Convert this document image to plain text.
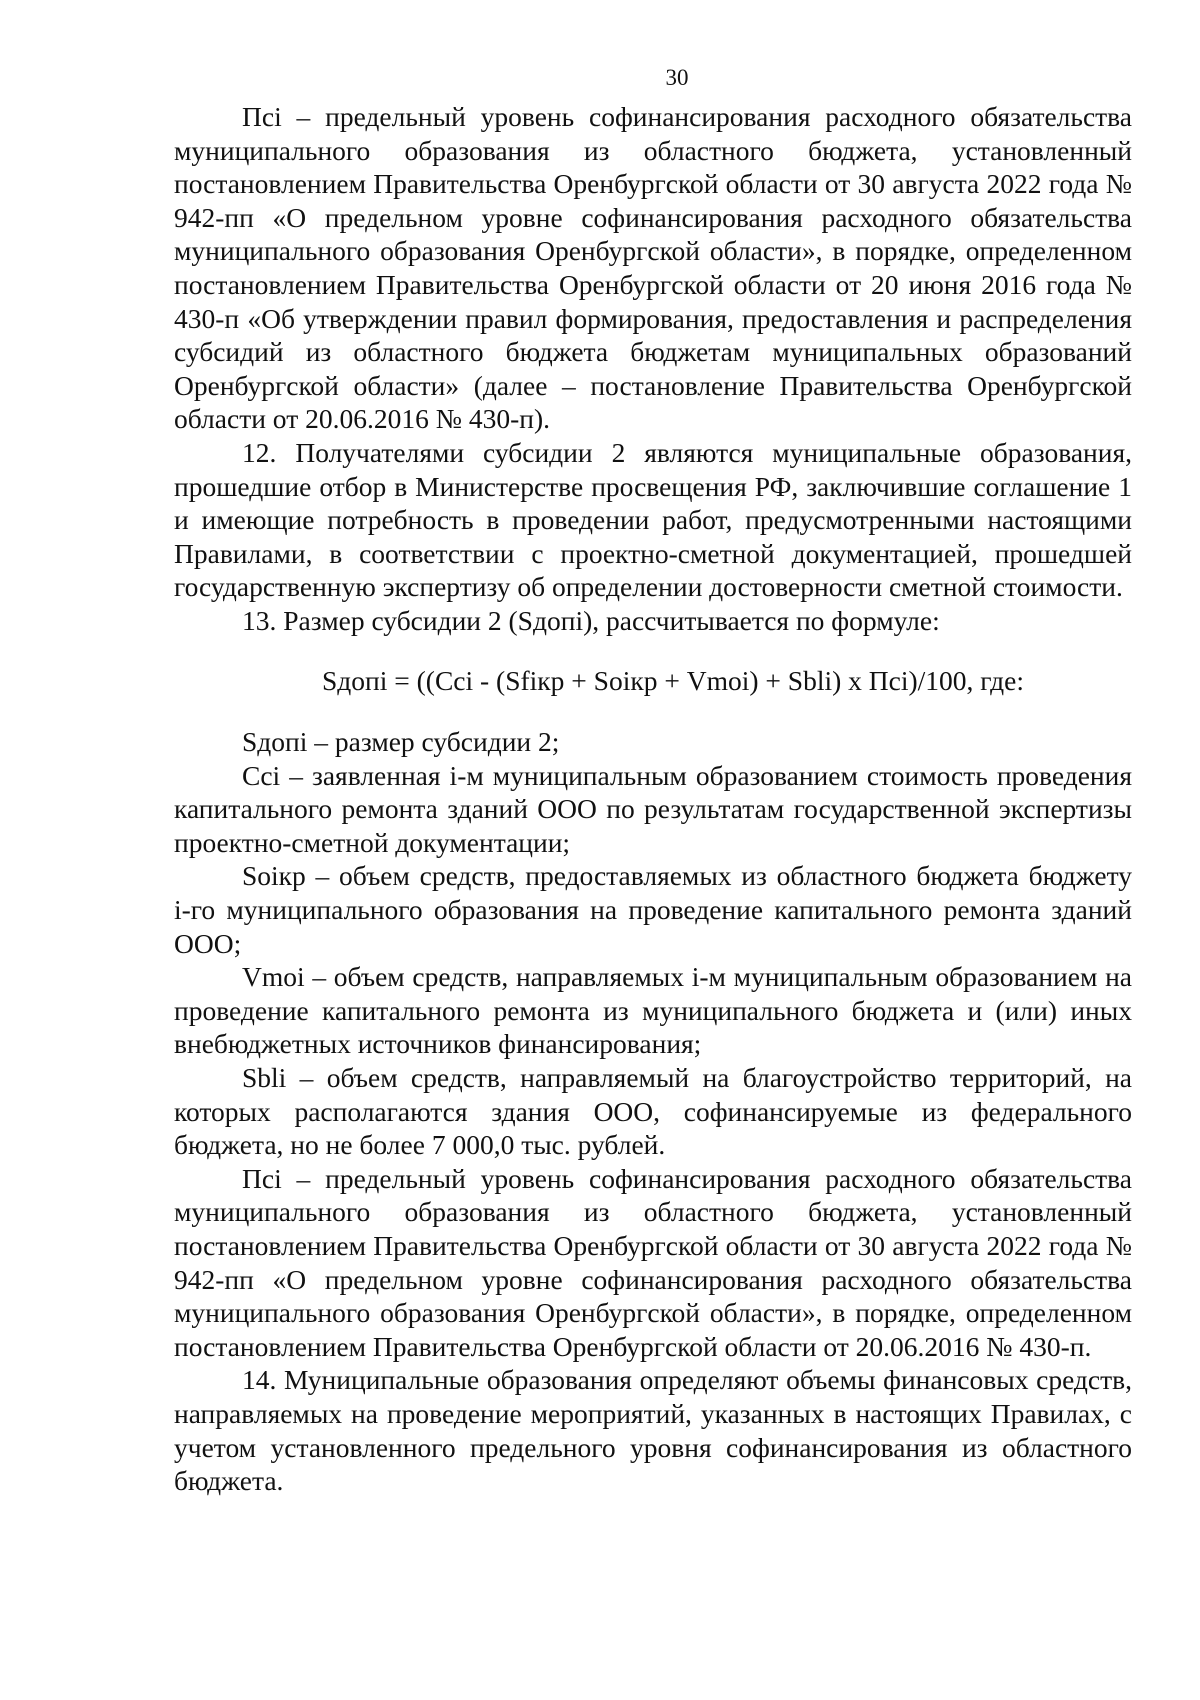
30

Пci – предельный уровень софинансирования расходного обязательства муниципального образования из областного бюджета, установленный постановлением Правительства Оренбургской области от 30 августа 2022 года № 942-пп «О предельном уровне софинансирования расходного обязательства муниципального образования Оренбургской области», в порядке, определенном постановлением Правительства Оренбургской области от 20 июня 2016 года № 430-п «Об утверждении правил формирования, предоставления и распределения субсидий из областного бюджета бюджетам муниципальных образований Оренбургской области» (далее – постановление Правительства Оренбургской области от 20.06.2016 № 430-п).

12. Получателями субсидии 2 являются муниципальные образования, прошедшие отбор в Министерстве просвещения РФ, заключившие соглашение 1 и имеющие потребность в проведении работ, предусмотренными настоящими Правилами, в соответствии с проектно-сметной документацией, прошедшей государственную экспертизу об определении достоверности сметной стоимости.

13. Размер субсидии 2 (Sдопi), рассчитывается по формуле:

Sдопi = ((Сci - (Sfiкр + Soiкр + Vmoi) + Sbli) х Пci)/100, где:

Sдопi – размер субсидии 2;

Сci – заявленная i-м муниципальным образованием стоимость проведения капитального ремонта зданий ООО по результатам государственной экспертизы проектно-сметной документации;

Soiкр – объем средств, предоставляемых из областного бюджета бюджету i-го муниципального образования на проведение капитального ремонта зданий ООО;

Vmoi – объем средств, направляемых i-м муниципальным образованием на проведение капитального ремонта из муниципального бюджета и (или) иных внебюджетных источников финансирования;

Sbli – объем средств, направляемый на благоустройство территорий, на которых располагаются здания ООО, софинансируемые из федерального бюджета, но не более 7 000,0 тыс. рублей.

Пci – предельный уровень софинансирования расходного обязательства муниципального образования из областного бюджета, установленный постановлением Правительства Оренбургской области от 30 августа 2022 года № 942-пп «О предельном уровне софинансирования расходного обязательства муниципального образования Оренбургской области», в порядке, определенном постановлением Правительства Оренбургской области от 20.06.2016 № 430-п.

14. Муниципальные образования определяют объемы финансовых средств, направляемых на проведение мероприятий, указанных в настоящих Правилах, с учетом установленного предельного уровня софинансирования из областного бюджета.
